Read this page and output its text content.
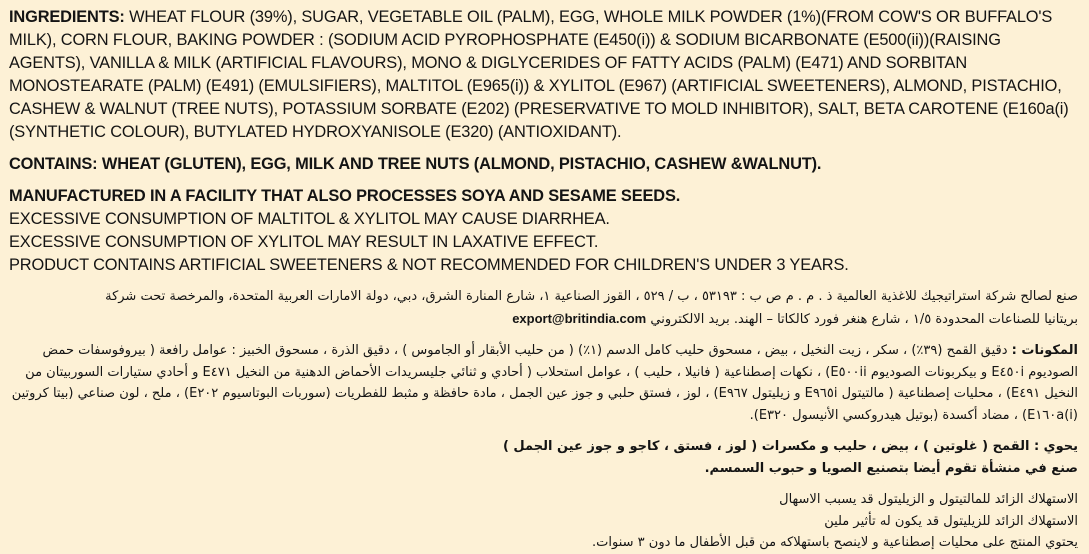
INGREDIENTS: WHEAT FLOUR (39%), SUGAR, VEGETABLE OIL (PALM), EGG, WHOLE MILK POWDER (1%)(FROM COW'S OR BUFFALO'S MILK), CORN FLOUR, BAKING POWDER : (SODIUM ACID PYROPHOSPHATE (E450(i)) & SODIUM BICARBONATE (E500(ii))(RAISING AGENTS), VANILLA & MILK (ARTIFICIAL FLAVOURS), MONO & DIGLYCERIDES OF FATTY ACIDS (PALM) (E471) AND SORBITAN MONOSTEARATE (PALM) (E491) (EMULSIFIERS), MALTITOL (E965(i)) & XYLITOL (E967) (ARTIFICIAL SWEETENERS), ALMOND, PISTACHIO, CASHEW & WALNUT (TREE NUTS), POTASSIUM SORBATE (E202) (PRESERVATIVE TO MOLD INHIBITOR), SALT, BETA CAROTENE (E160a(i) (SYNTHETIC COLOUR), BUTYLATED HYDROXYANISOLE (E320) (ANTIOXIDANT).

CONTAINS: WHEAT (GLUTEN), EGG, MILK AND TREE NUTS (ALMOND, PISTACHIO, CASHEW &WALNUT).

MANUFACTURED IN A FACILITY THAT ALSO PROCESSES SOYA AND SESAME SEEDS.

EXCESSIVE CONSUMPTION OF MALTITOL & XYLITOL MAY CAUSE DIARRHEA.

EXCESSIVE CONSUMPTION OF XYLITOL MAY RESULT IN LAXATIVE EFFECT.

PRODUCT CONTAINS ARTIFICIAL SWEETENERS & NOT RECOMMENDED FOR CHILDREN'S UNDER 3 YEARS.

صنع لصالح شركة استراتيجيك للاغذية العالمية ذ . م . م ص ب : ٥٣١٩٣ ، ب / ٥٢٩ ، القوز الصناعية ١، شارع المنارة الشرق، دبي، دولة الامارات العربية المتحدة، والمرخصة تحت شركة
بريتانيا للصناعات المحدودة ١/٥ ، شارع هنغر فورد كالكاتا – الهند. بريد الالكتروني export@britindia.com

المكونات : دقيق القمح (٣٩٪) ، سكر ، زيت النخيل ، بيض ، مسحوق حليب كامل الدسم (١٪) ( من حليب الأبقار أو الجاموس ) ، دقيق الذرة ، مسحوق الخبيز : عوامل رافعة ( بيروفوسفات حمض الصوديوم E٤٥٠i و بيكربونات الصوديوم E٥٠٠ii) ، نكهات إصطناعية ( فانيلا ، حليب ) ، عوامل استحلاب ( أحادي و ثنائي جليسريدات الأحماض الدهنية من النخيل E٤٧١ و أحادي ستيارات السوربيتان من النخيل E٤٩١) ، محليات إصطناعية ( مالتيتول E٩٦٥i و زيليتول E٩٦٧) ، لوز ، فستق حلبي و جوز عين الجمل ، مادة حافظة و مثبط للفطريات (سوربات البوتاسيوم E٢٠٢) ، ملح ، لون صناعي (بيتا كروتين E١٦٠a(i)) ، مضاد أكسدة (بوتيل هيدروكسي الأنيسول E٣٢٠).

يحوي : القمح ( غلوتين ) ، بيض ، حليب و مكسرات ( لوز ، فستق ، كاجو و جوز عين الجمل )

صنع في منشأة تقوم أيضا بتصنيع الصويا و حبوب السمسم.

الاستهلاك الزائد للمالتيتول و الزيليتول قد يسبب الاسهال

الاستهلاك الزائد للزيليتول قد يكون له تأثير ملين

يحتوي المنتج على محليات إصطناعية و لاينصح باستهلاكه من قبل الأطفال ما دون ٣ سنوات.
